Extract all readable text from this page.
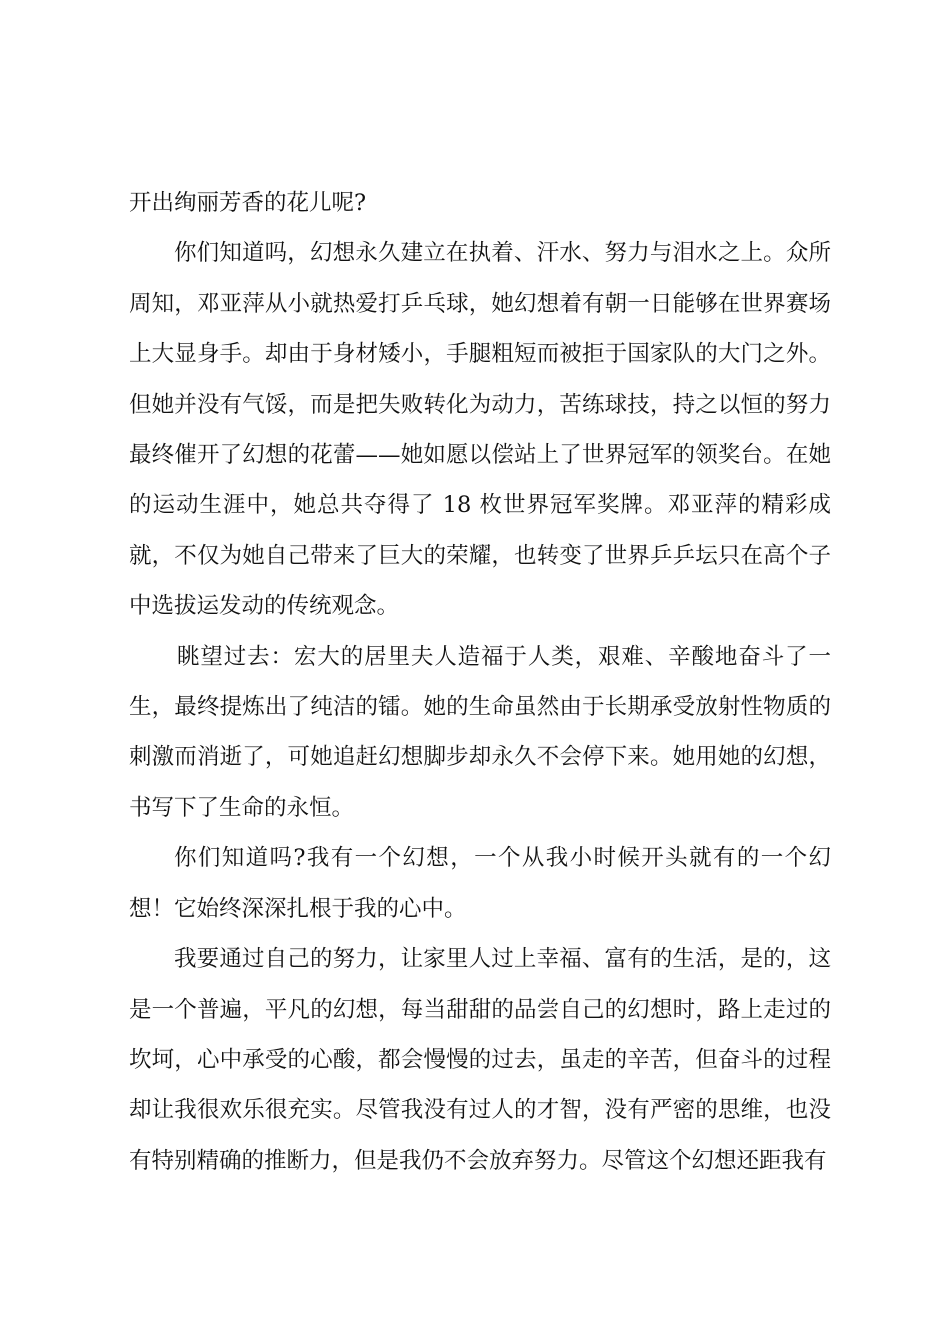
开出绚丽芳香的花儿呢?

你们知道吗，幻想永久建立在执着、汗水、努力与泪水之上。众所周知，邓亚萍从小就热爱打乒乓球，她幻想着有朝一日能够在世界赛场上大显身手。却由于身材矮小，手腿粗短而被拒于国家队的大门之外。但她并没有气馁，而是把失败转化为动力，苦练球技，持之以恒的努力最终催开了幻想的花蕾——她如愿以偿站上了世界冠军的领奖台。在她的运动生涯中，她总共夺得了 18 枚世界冠军奖牌。邓亚萍的精彩成就，不仅为她自己带来了巨大的荣耀，也转变了世界乒乒坛只在高个子中选拔运发动的传统观念。

眺望过去：宏大的居里夫人造福于人类，艰难、辛酸地奋斗了一生，最终提炼出了纯洁的镭。她的生命虽然由于长期承受放射性物质的刺激而消逝了，可她追赶幻想脚步却永久不会停下来。她用她的幻想，书写下了生命的永恒。

你们知道吗?我有一个幻想，一个从我小时候开头就有的一个幻想！它始终深深扎根于我的心中。

我要通过自己的努力，让家里人过上幸福、富有的生活，是的，这是一个普遍，平凡的幻想，每当甜甜的品尝自己的幻想时，路上走过的坎坷，心中承受的心酸，都会慢慢的过去，虽走的辛苦，但奋斗的过程却让我很欢乐很充实。尽管我没有过人的才智，没有严密的思维，也没有特别精确的推断力，但是我仍不会放弃努力。尽管这个幻想还距我有
